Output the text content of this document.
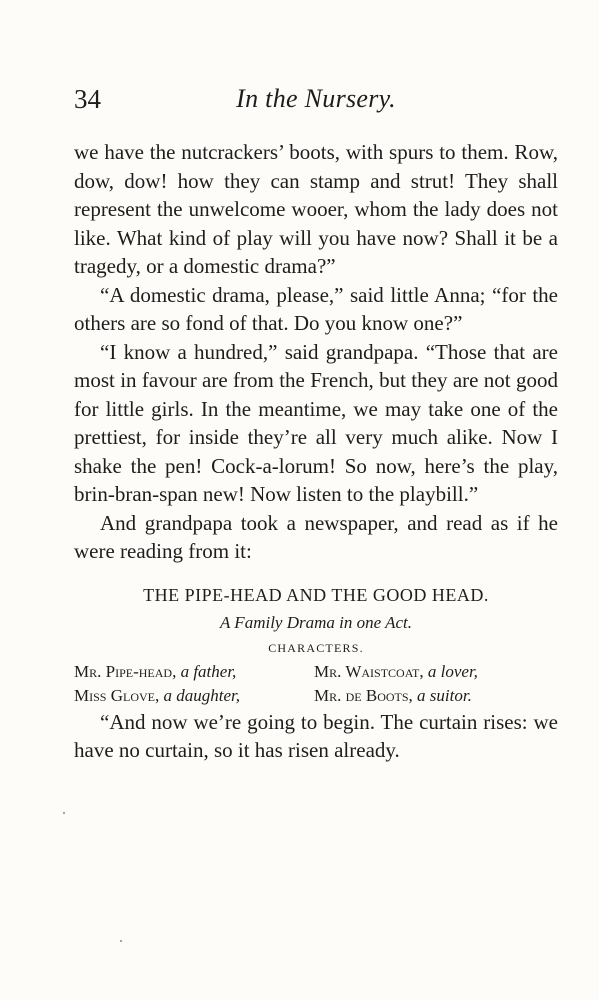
34	In the Nursery.

we have the nutcrackers’ boots, with spurs to them. Row, dow, dow! how they can stamp and strut! They shall represent the unwelcome wooer, whom the lady does not like. What kind of play will you have now? Shall it be a tragedy, or a domestic drama?”

“A domestic drama, please,” said little Anna; “for the others are so fond of that. Do you know one?”

“I know a hundred,” said grandpapa. “Those that are most in favour are from the French, but they are not good for little girls. In the meantime, we may take one of the prettiest, for inside they’re all very much alike. Now I shake the pen! Cock-a-lorum! So now, here’s the play, brin-bran-span new! Now listen to the playbill.”

And grandpapa took a newspaper, and read as if he were reading from it:

THE PIPE-HEAD AND THE GOOD HEAD.
A Family Drama in one Act.
CHARACTERS.
Mr. Pipe-head, a father,	Mr. Waistcoat, a lover,
Miss Glove, a daughter,	Mr. de Boots, a suitor.

“And now we’re going to begin. The curtain rises: we have no curtain, so it has risen already.
